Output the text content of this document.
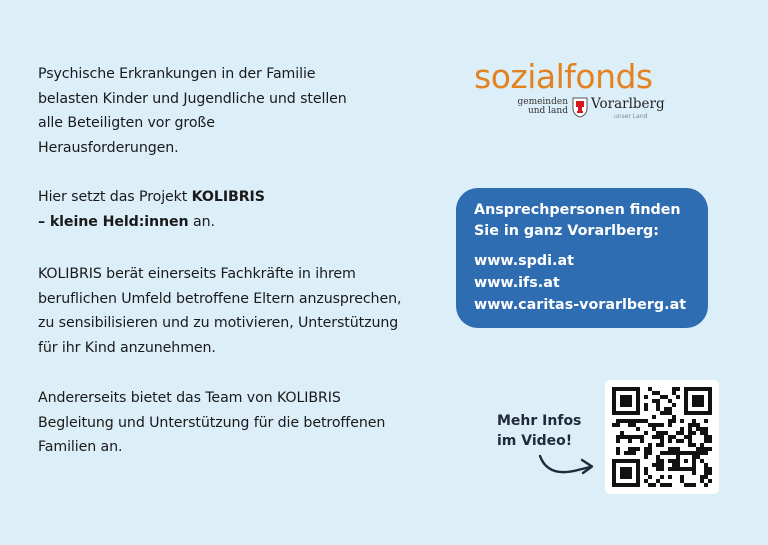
Psychische Erkrankungen in der Familie
belasten Kinder und Jugendliche und stellen
alle Beteiligten vor große
Herausforderungen.

Hier setzt das Projekt KOLIBRIS
– kleine Held:innen an.

KOLIBRIS berät einerseits Fachkräfte in ihrem
beruflichen Umfeld betroffene Eltern anzusprechen,
zu sensibilisieren und zu motivieren, Unterstützung
für ihr Kind anzunehmen.

Andererseits bietet das Team von KOLIBRIS
Begleitung und Unterstützung für die betroffenen
Familien an.

sozialfonds
gemeinden
und land Vorarlberg
unser Land
Ansprechpersonen finden
Sie in ganz Vorarlberg:
www.spdi.at
www.ifs.at
www.caritas-vorarlberg.at
Mehr Infos
im Video!
